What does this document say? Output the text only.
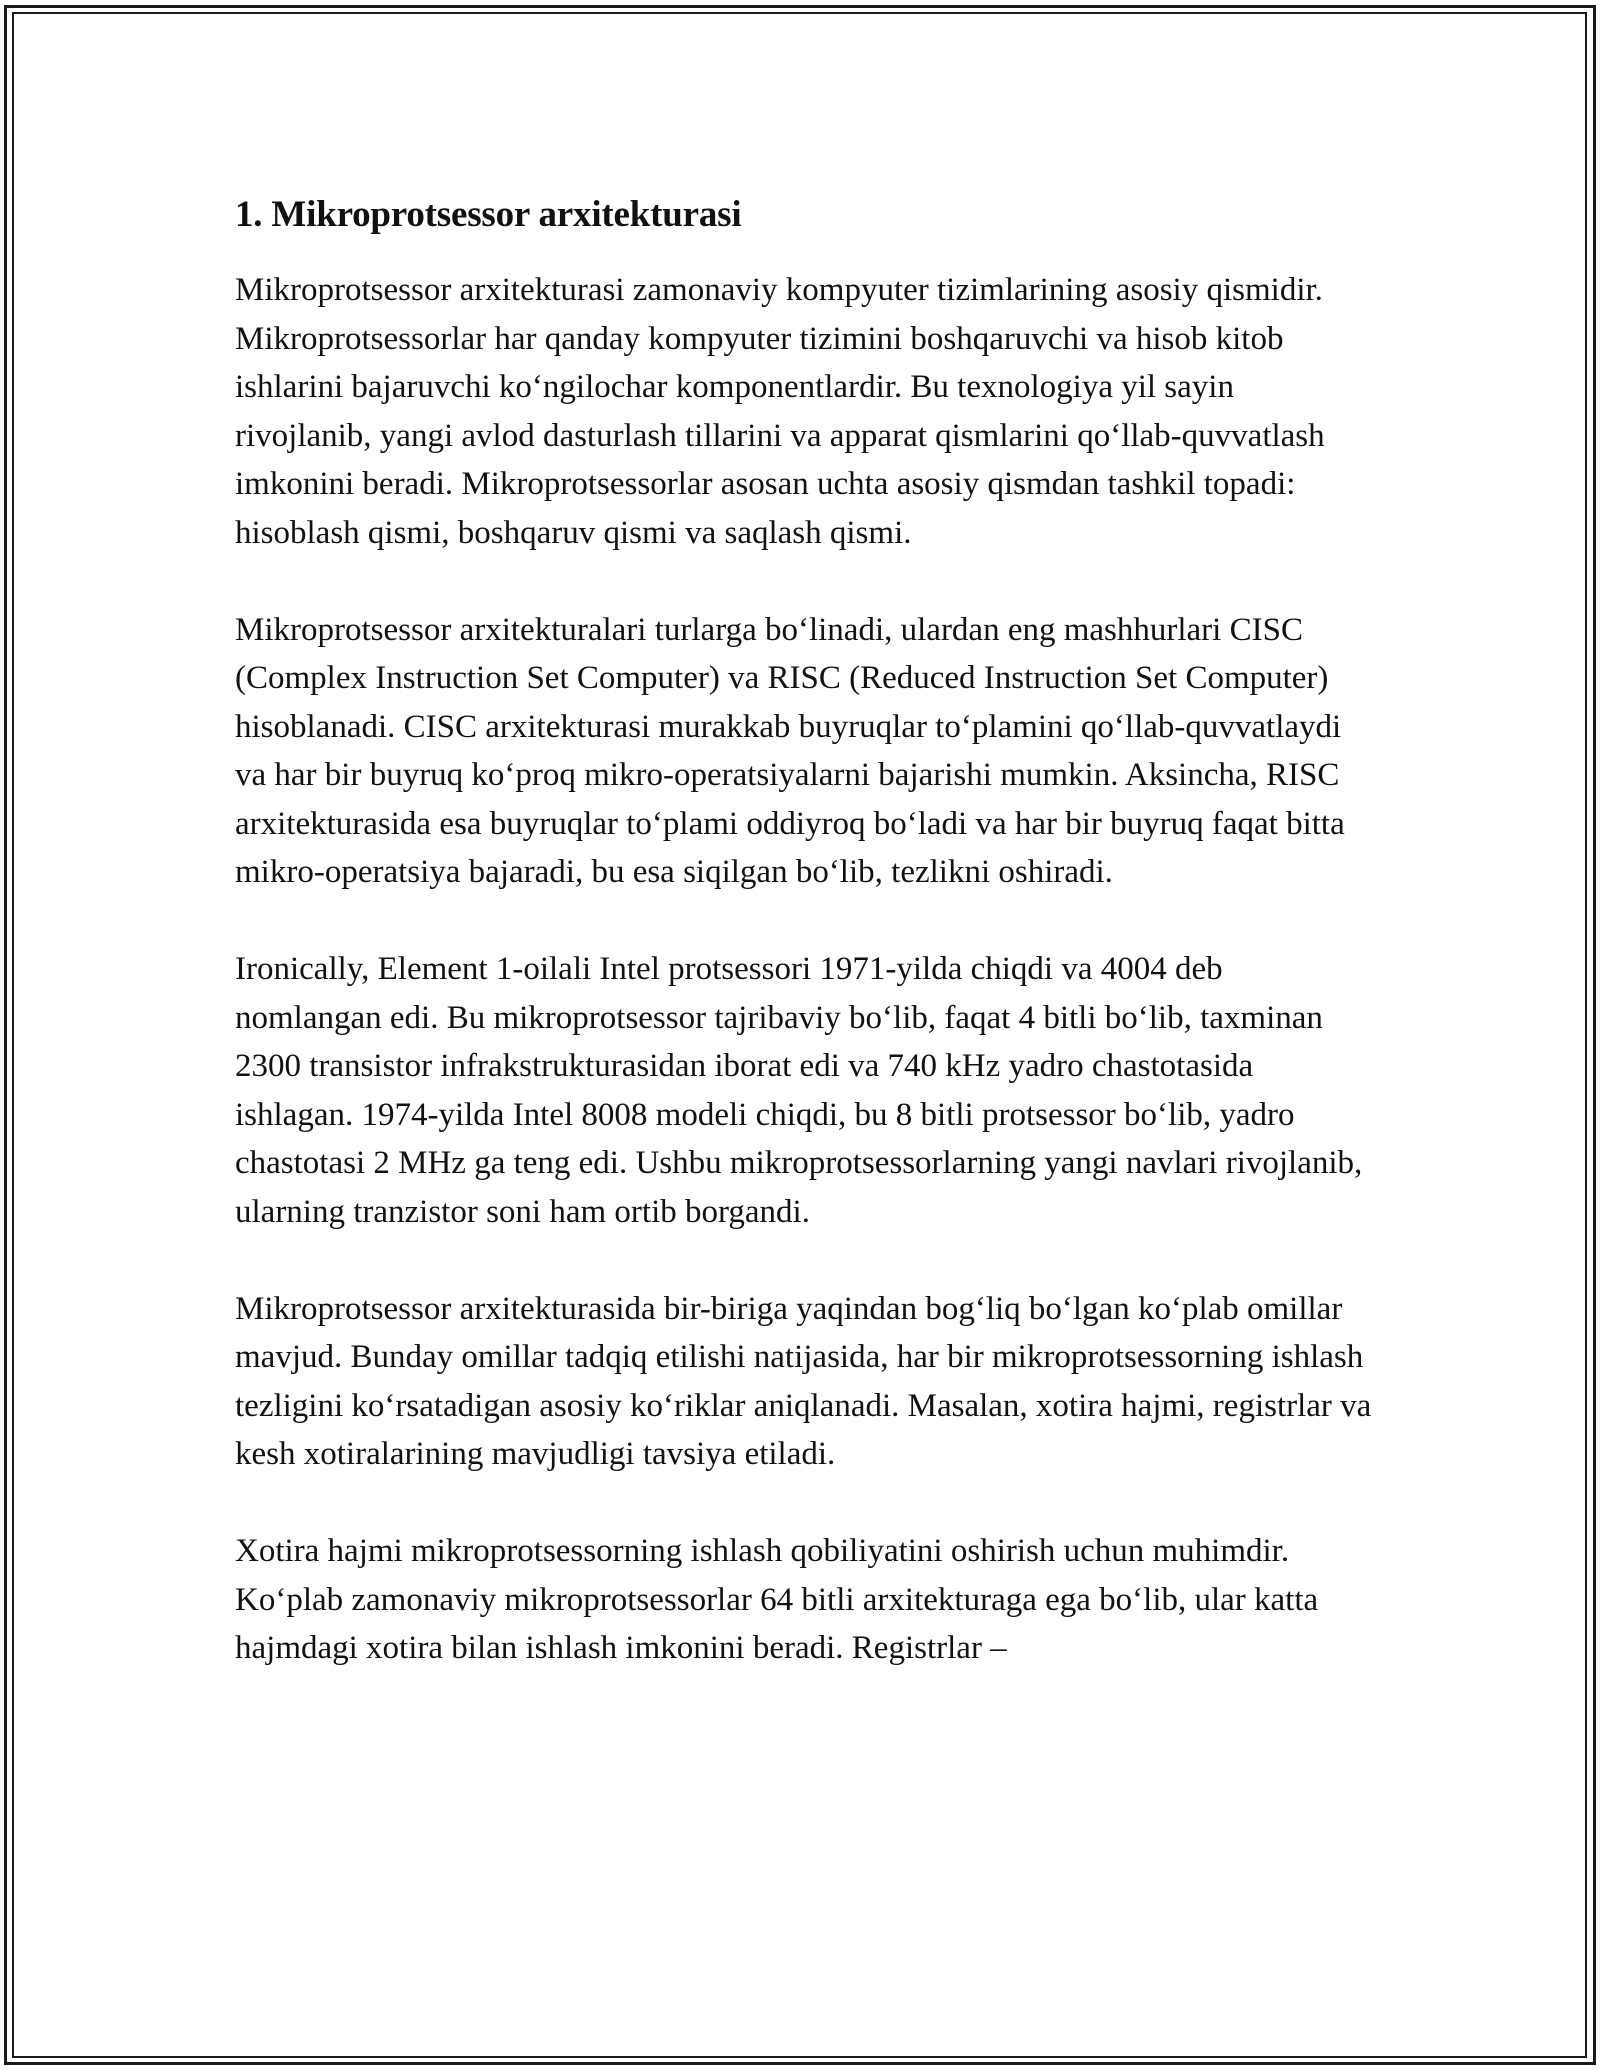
1. Mikroprotsessor arxitekturasi

Mikroprotsessor arxitekturasi zamonaviy kompyuter tizimlarining asosiy qismidir. Mikroprotsessorlar har qanday kompyuter tizimini boshqaruvchi va hisob kitob ishlarini bajaruvchi ko‘ngilochar komponentlardir. Bu texnologiya yil sayin rivojlanib, yangi avlod dasturlash tillarini va apparat qismlarini qo‘llab-quvvatlash imkonini beradi. Mikroprotsessorlar asosan uchta asosiy qismdan tashkil topadi: hisoblash qismi, boshqaruv qismi va saqlash qismi.

Mikroprotsessor arxitekturalari turlarga bo‘linadi, ulardan eng mashhurlari CISC (Complex Instruction Set Computer) va RISC (Reduced Instruction Set Computer) hisoblanadi. CISC arxitekturasi murakkab buyruqlar to‘plamini qo‘llab-quvvatlaydi va har bir buyruq ko‘proq mikro-operatsiyalarni bajarishi mumkin. Aksincha, RISC arxitekturasida esa buyruqlar to‘plami oddiyroq bo‘ladi va har bir buyruq faqat bitta mikro-operatsiya bajaradi, bu esa siqilgan bo‘lib, tezlikni oshiradi.

Ironically, Element 1-oilali Intel protsessori 1971-yilda chiqdi va 4004 deb nomlangan edi. Bu mikroprotsessor tajribaviy bo‘lib, faqat 4 bitli bo‘lib, taxminan 2300 transistor infrakstrukturasidan iborat edi va 740 kHz yadro chastotasida ishlagan. 1974-yilda Intel 8008 modeli chiqdi, bu 8 bitli protsessor bo‘lib, yadro chastotasi 2 MHz ga teng edi. Ushbu mikroprotsessorlarning yangi navlari rivojlanib, ularning tranzistor soni ham ortib borgandi.

Mikroprotsessor arxitekturasida bir-biriga yaqindan bog‘liq bo‘lgan ko‘plab omillar mavjud. Bunday omillar tadqiq etilishi natijasida, har bir mikroprotsessorning ishlash tezligini ko‘rsatadigan asosiy ko‘riklar aniqlanadi. Masalan, xotira hajmi, registrlar va kesh xotiralarining mavjudligi tavsiya etiladi.

Xotira hajmi mikroprotsessorning ishlash qobiliyatini oshirish uchun muhimdir. Ko‘plab zamonaviy mikroprotsessorlar 64 bitli arxitekturaga ega bo‘lib, ular katta hajmdagi xotira bilan ishlash imkonini beradi. Registrlar –
